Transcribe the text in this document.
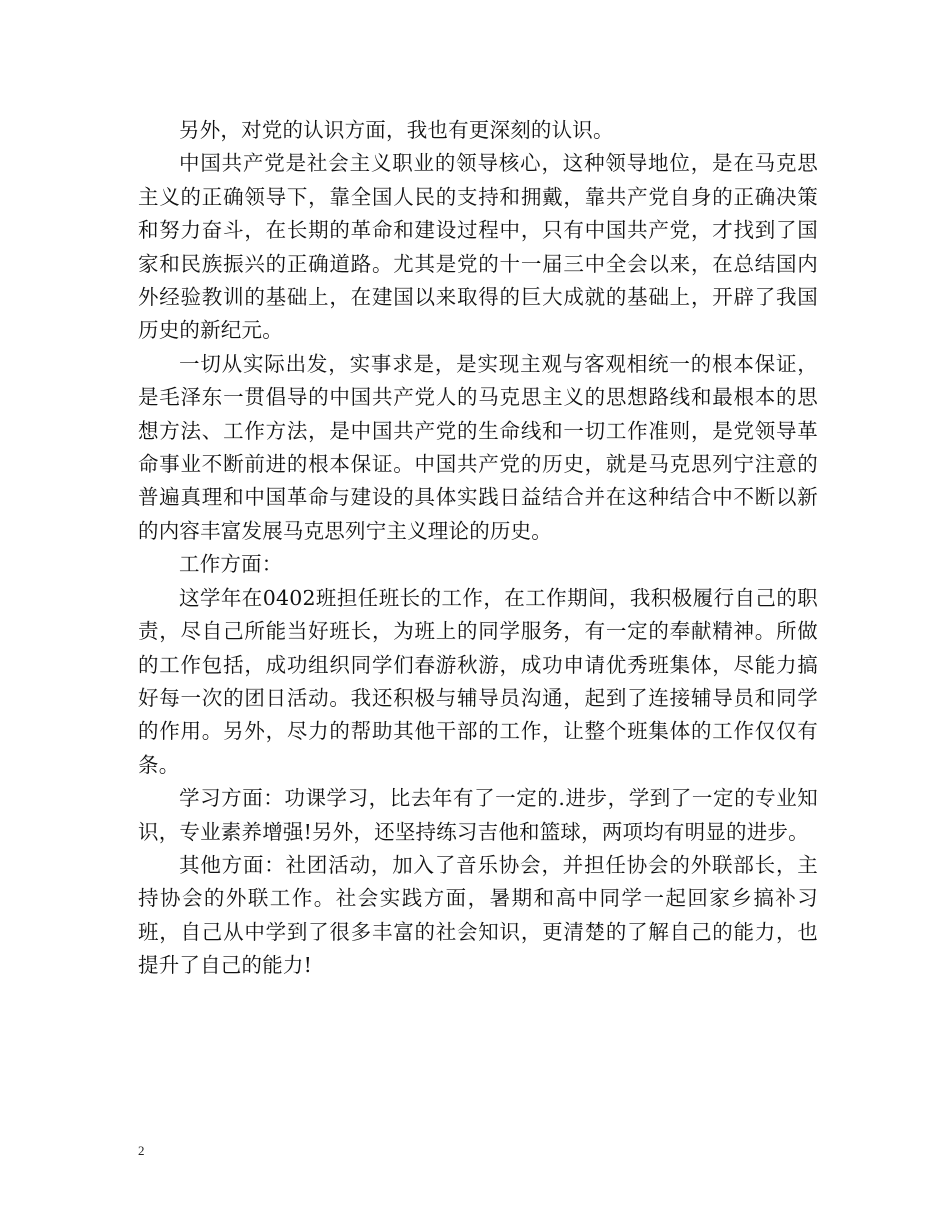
另外，对党的认识方面，我也有更深刻的认识。

中国共产党是社会主义职业的领导核心，这种领导地位，是在马克思主义的正确领导下，靠全国人民的支持和拥戴，靠共产党自身的正确决策和努力奋斗，在长期的革命和建设过程中，只有中国共产党，才找到了国家和民族振兴的正确道路。尤其是党的十一届三中全会以来，在总结国内外经验教训的基础上，在建国以来取得的巨大成就的基础上，开辟了我国历史的新纪元。

一切从实际出发，实事求是，是实现主观与客观相统一的根本保证，是毛泽东一贯倡导的中国共产党人的马克思主义的思想路线和最根本的思想方法、工作方法，是中国共产党的生命线和一切工作准则，是党领导革命事业不断前进的根本保证。中国共产党的历史，就是马克思列宁注意的普遍真理和中国革命与建设的具体实践日益结合并在这种结合中不断以新的内容丰富发展马克思列宁主义理论的历史。

工作方面：

这学年在0402班担任班长的工作，在工作期间，我积极履行自己的职责，尽自己所能当好班长，为班上的同学服务，有一定的奉献精神。所做的工作包括，成功组织同学们春游秋游，成功申请优秀班集体，尽能力搞好每一次的团日活动。我还积极与辅导员沟通，起到了连接辅导员和同学的作用。另外，尽力的帮助其他干部的工作，让整个班集体的工作仅仅有条。

学习方面：功课学习，比去年有了一定的.进步，学到了一定的专业知识，专业素养增强!另外，还坚持练习吉他和篮球，两项均有明显的进步。

其他方面：社团活动，加入了音乐协会，并担任协会的外联部长，主持协会的外联工作。社会实践方面，暑期和高中同学一起回家乡搞补习班，自己从中学到了很多丰富的社会知识，更清楚的了解自己的能力，也提升了自己的能力!

2
